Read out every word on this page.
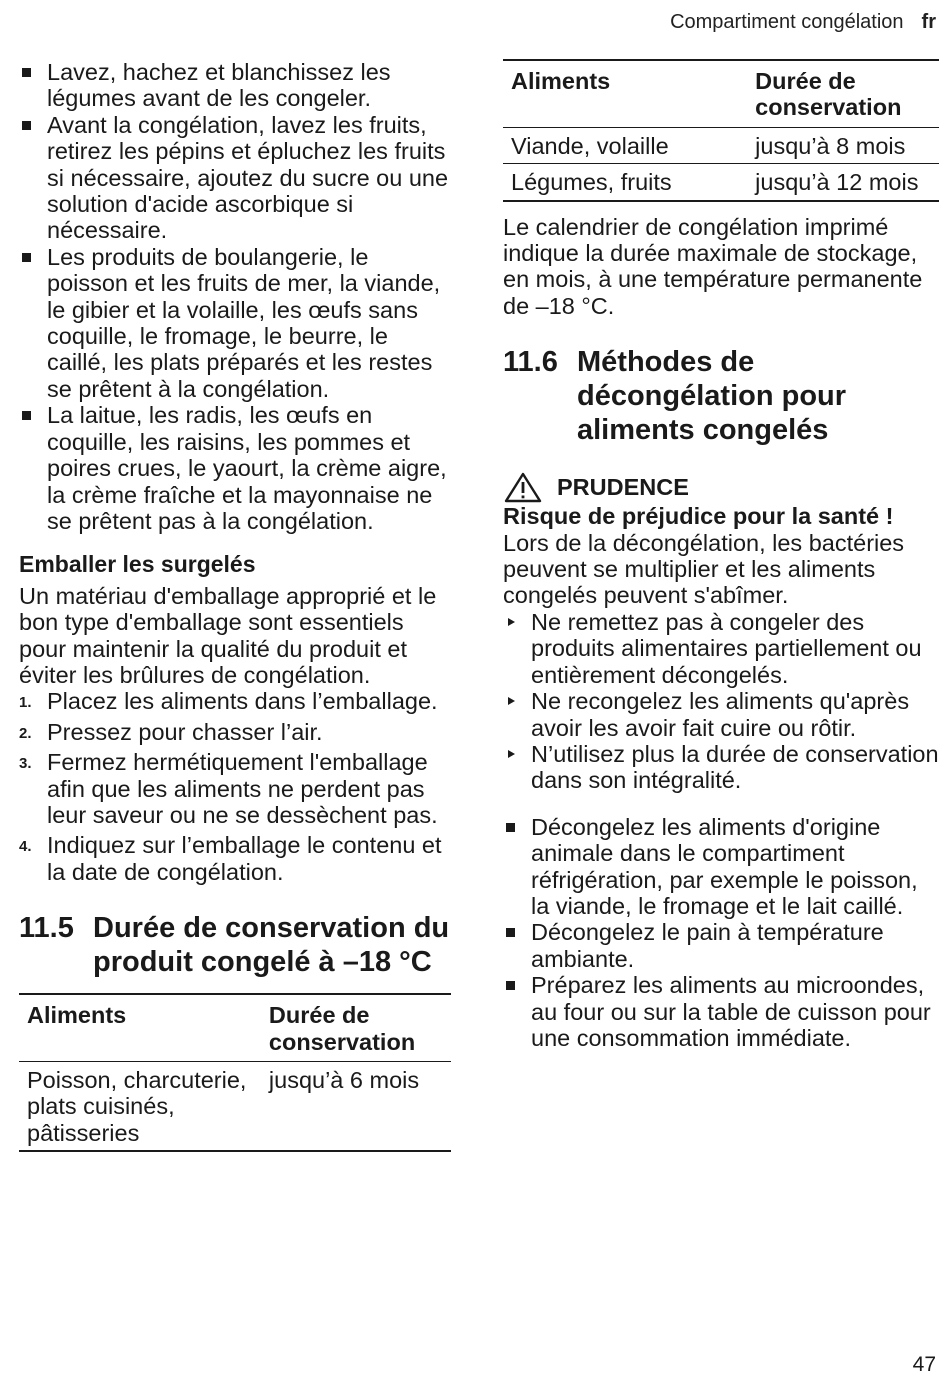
Compartiment congélation fr
Lavez, hachez et blanchissez les légumes avant de les congeler.
Avant la congélation, lavez les fruits, retirez les pépins et épluchez les fruits si nécessaire, ajoutez du sucre ou une solution d'acide ascorbique si nécessaire.
Les produits de boulangerie, le poisson et les fruits de mer, la viande, le gibier et la volaille, les œufs sans coquille, le fromage, le beurre, le caillé, les plats préparés et les restes se prêtent à la congélation.
La laitue, les radis, les œufs en coquille, les raisins, les pommes et poires crues, le yaourt, la crème aigre, la crème fraîche et la mayonnaise ne se prêtent pas à la congélation.
Emballer les surgelés

Un matériau d'emballage approprié et le bon type d'emballage sont essentiels pour maintenir la qualité du produit et éviter les brûlures de congélation.

1. Placez les aliments dans l’emballage.
2. Pressez pour chasser l’air.
3. Fermez hermétiquement l'emballage afin que les aliments ne perdent pas leur saveur ou ne se dessèchent pas.
4. Indiquez sur l’emballage le contenu et la date de congélation.
11.5 Durée de conservation du produit congelé à –18 °C
Aliments	Durée de conservation
Poisson, charcuterie, plats cuisinés, pâtisseries	jusqu’à 6 mois
Aliments	Durée de conservation
Viande, volaille	jusqu’à 8 mois
Légumes, fruits	jusqu’à 12 mois

Le calendrier de congélation imprimé indique la durée maximale de stockage, en mois, à une température permanente de –18 °C.

11.6 Méthodes de décongélation pour aliments congelés
PRUDENCE

Risque de préjudice pour la santé !

Lors de la décongélation, les bactéries peuvent se multiplier et les aliments congelés peuvent s'abîmer.

Ne remettez pas à congeler des produits alimentaires partiellement ou entièrement décongelés.
Ne recongelez les aliments qu'après avoir les avoir fait cuire ou rôtir.
N’utilisez plus la durée de conservation dans son intégralité.
Décongelez les aliments d'origine animale dans le compartiment réfrigération, par exemple le poisson, la viande, le fromage et le lait caillé.
Décongelez le pain à température ambiante.
Préparez les aliments au microondes, au four ou sur la table de cuisson pour une consommation immédiate.
47
